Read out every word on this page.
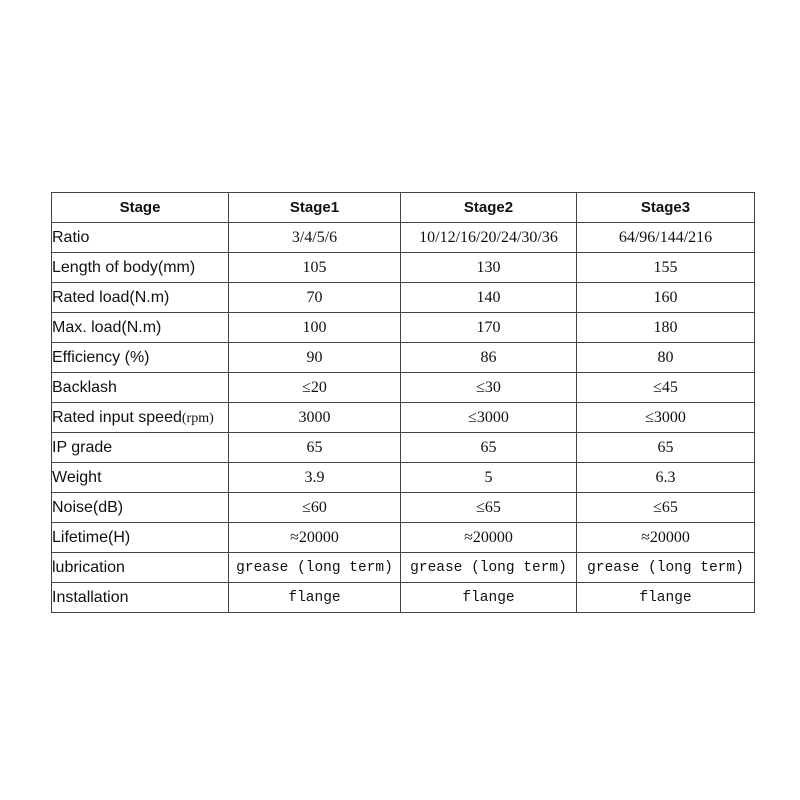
Stage	Stage1	Stage2	Stage3
Ratio	3/4/5/6	10/12/16/20/24/30/36	64/96/144/216
Length of body(mm)	105	130	155
Rated load(N.m)	70	140	160
Max. load(N.m)	100	170	180
Efficiency (%)	90	86	80
Backlash	≤20	≤30	≤45
Rated input speed(rpm)	3000	≤3000	≤3000
IP grade	65	65	65
Weight	3.9	5	6.3
Noise(dB)	≤60	≤65	≤65
Lifetime(H)	≈20000	≈20000	≈20000
lubrication	grease (long term)	grease (long term)	grease (long term)
Installation	flange	flange	flange
